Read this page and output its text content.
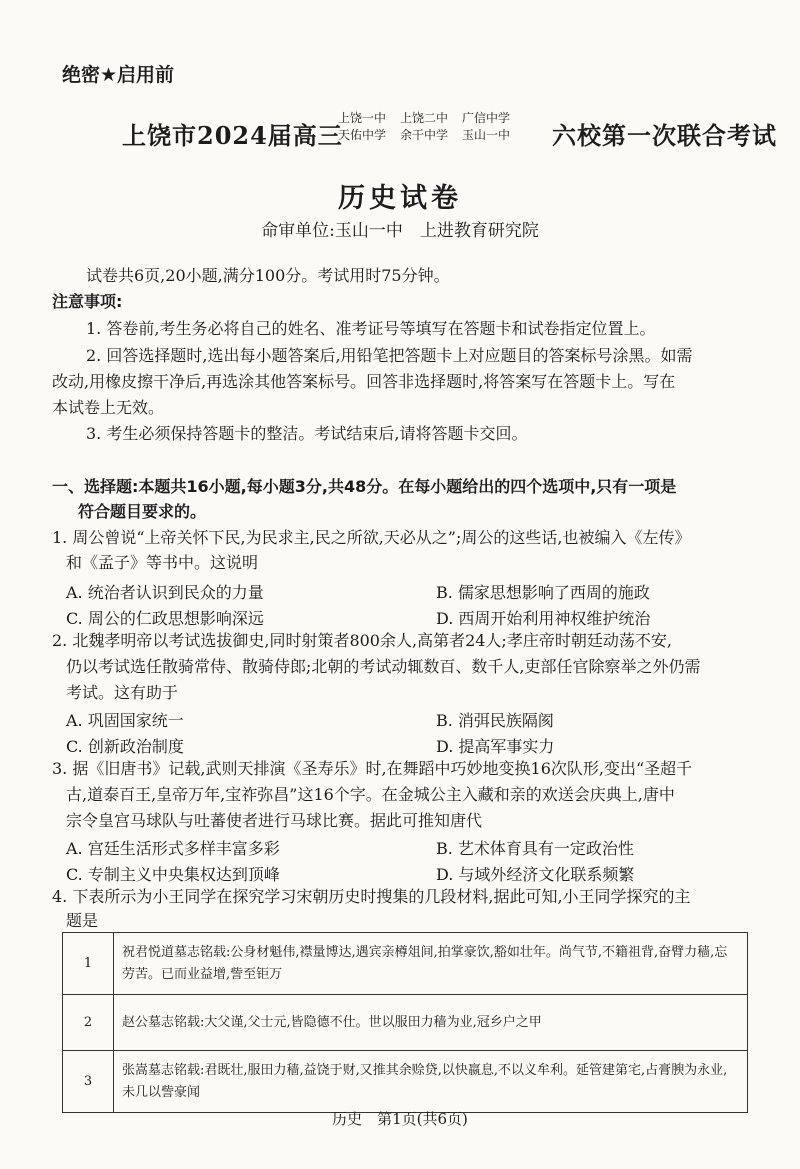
绝密★启用前
上饶市2024届高三
上饶一中 上饶二中 广信中学
天佑中学 余干中学 玉山一中	六校第一次联合考试
历史试卷
命审单位:玉山一中　上进教育研究院
试卷共6页,20小题,满分100分。考试用时75分钟。
注意事项:
1. 答卷前,考生务必将自己的姓名、准考证号等填写在答题卡和试卷指定位置上。
2. 回答选择题时,选出每小题答案后,用铅笔把答题卡上对应题目的答案标号涂黑。如需
改动,用橡皮擦干净后,再选涂其他答案标号。回答非选择题时,将答案写在答题卡上。写在
本试卷上无效。
3. 考生必须保持答题卡的整洁。考试结束后,请将答题卡交回。
一、选择题:本题共16小题,每小题3分,共48分。在每小题给出的四个选项中,只有一项是
符合题目要求的。
1. 周公曾说“上帝关怀下民,为民求主,民之所欲,天必从之”;周公的这些话,也被编入《左传》
和《孟子》等书中。这说明
A. 统治者认识到民众的力量	B. 儒家思想影响了西周的施政
C. 周公的仁政思想影响深远	D. 西周开始利用神权维护统治
2. 北魏孝明帝以考试选拔御史,同时射策者800余人,高第者24人;孝庄帝时朝廷动荡不安,
仍以考试选任散骑常侍、散骑侍郎;北朝的考试动辄数百、数千人,吏部任官除察举之外仍需
考试。这有助于
A. 巩固国家统一	B. 消弭民族隔阂
C. 创新政治制度	D. 提高军事实力
3. 据《旧唐书》记载,武则天排演《圣寿乐》时,在舞蹈中巧妙地变换16次队形,变出“圣超千
古,道泰百王,皇帝万年,宝祚弥昌”这16个字。在金城公主入藏和亲的欢送会庆典上,唐中
宗令皇宫马球队与吐蕃使者进行马球比赛。据此可推知唐代
A. 宫廷生活形式多样丰富多彩	B. 艺术体育具有一定政治性
C. 专制主义中央集权达到顶峰	D. 与域外经济文化联系频繁
4. 下表所示为小王同学在探究学习宋朝历史时搜集的几段材料,据此可知,小王同学探究的主
题是
1	祝君悦道墓志铭载:公身材魁伟,襟量博达,遇宾亲樽俎间,拍掌豪饮,豁如壮年。尚气节,不籍祖背,奋臂力穑,忘劳苦。已而业益增,訾至钜万
2	赵公墓志铭载:大父谨,父士元,皆隐德不仕。世以服田力穑为业,冠乡户之甲
3	张嵩墓志铭载:君既壮,服田力穑,益饶于财,又推其余赊贷,以快嬴息,不以义牟利。延管建第宅,占膏腴为永业,未几以訾豪闻
历史　第1页(共6页)
